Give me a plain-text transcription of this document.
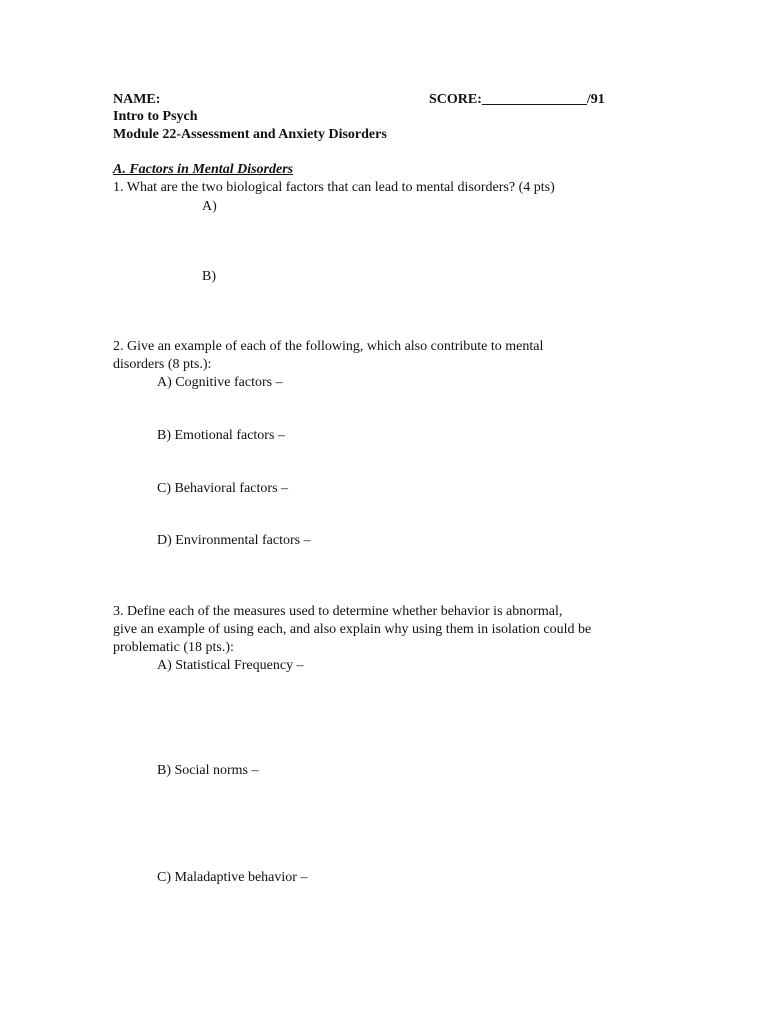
NAME:	SCORE:_______________/91
Intro to Psych
Module 22-Assessment and Anxiety Disorders
A. Factors in Mental Disorders
1. What are the two biological factors that can lead to mental disorders? (4 pts)
A)
B)
2. Give an example of each of the following, which also contribute to mental
disorders (8 pts.):
A) Cognitive factors –
B) Emotional factors –
C) Behavioral factors –
D) Environmental factors –
3. Define each of the measures used to determine whether behavior is abnormal,
give an example of using each, and also explain why using them in isolation could be
problematic (18 pts.):
A) Statistical Frequency –
B) Social norms –
C) Maladaptive behavior –
